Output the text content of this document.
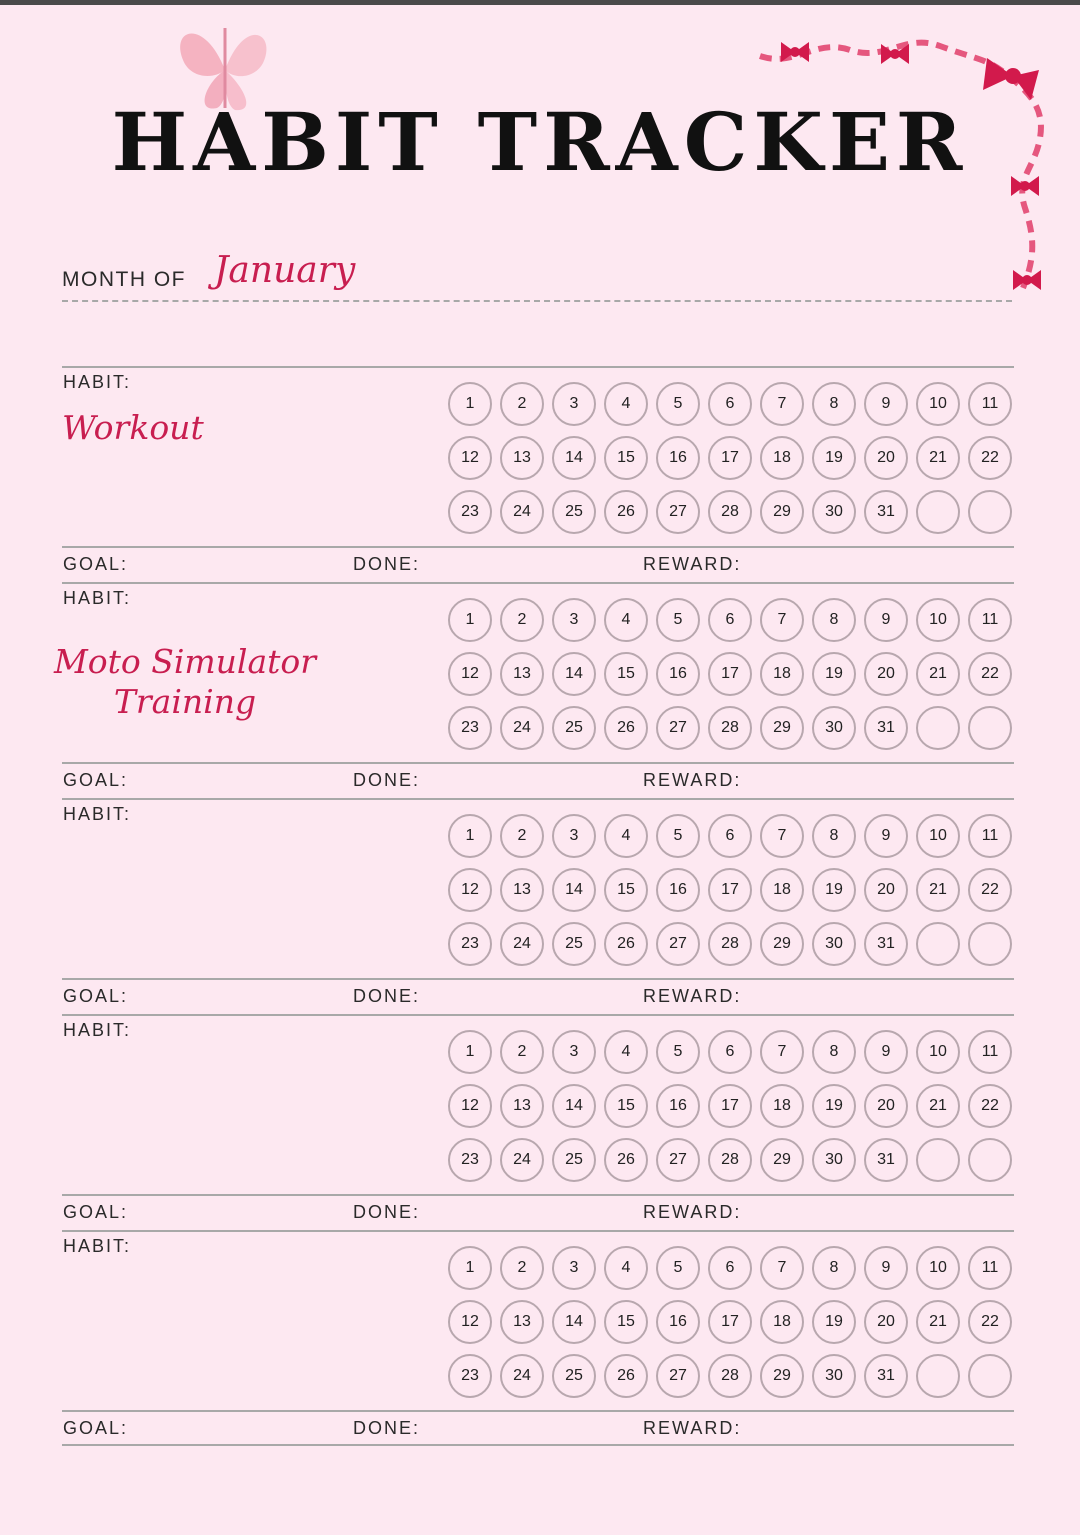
HABIT TRACKER
MONTH OF January
HABIT:
Workout
1	2	3	4	5	6	7	8	9	10	11
12	13	14	15	16	17	18	19	20	21	22
23	24	25	26	27	28	29	30	31
GOAL:	DONE:	REWARD:
HABIT:
Moto Simulator
Training
1	2	3	4	5	6	7	8	9	10	11
12	13	14	15	16	17	18	19	20	21	22
23	24	25	26	27	28	29	30	31
GOAL:	DONE:	REWARD:
HABIT:
1	2	3	4	5	6	7	8	9	10	11
12	13	14	15	16	17	18	19	20	21	22
23	24	25	26	27	28	29	30	31
GOAL:	DONE:	REWARD:
HABIT:
1	2	3	4	5	6	7	8	9	10	11
12	13	14	15	16	17	18	19	20	21	22
23	24	25	26	27	28	29	30	31
GOAL:	DONE:	REWARD:
HABIT:
1	2	3	4	5	6	7	8	9	10	11
12	13	14	15	16	17	18	19	20	21	22
23	24	25	26	27	28	29	30	31
GOAL:	DONE:	REWARD:
